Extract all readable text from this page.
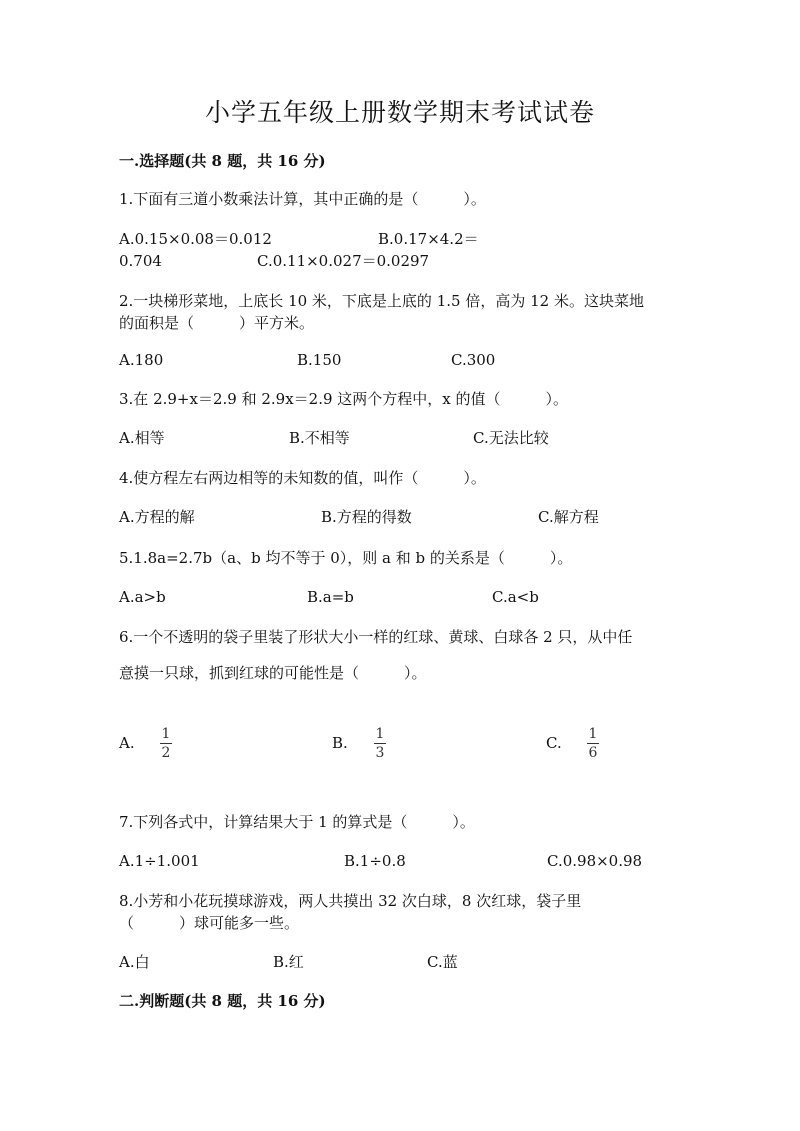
小学五年级上册数学期末考试试卷
一.选择题(共 8 题，共 16 分)
1.下面有三道小数乘法计算，其中正确的是（　　　）。
A.0.15×0.08＝0.012	B.0.17×4.2＝
0.704	C.0.11×0.027＝0.0297
2.一块梯形菜地，上底长 10 米，下底是上底的 1.5 倍，高为 12 米。这块菜地
的面积是（　　　）平方米。
A.180	B.150	C.300
3.在 2.9+x＝2.9 和 2.9x＝2.9 这两个方程中，x 的值（　　　）。
A.相等	B.不相等	C.无法比较
4.使方程左右两边相等的未知数的值，叫作（　　　）。
A.方程的解	B.方程的得数	C.解方程
5.1.8a=2.7b（a、b 均不等于 0），则 a 和 b 的关系是（　　　）。
A.a>b	B.a=b	C.a<b
6.一个不透明的袋子里装了形状大小一样的红球、黄球、白球各 2 只，从中任
意摸一只球，抓到红球的可能性是（　　　）。
A. 1
2
B. 1
3
C. 1
6
7.下列各式中，计算结果大于 1 的算式是（　　　）。
A.1÷1.001	B.1÷0.8	C.0.98×0.98
8.小芳和小花玩摸球游戏，两人共摸出 32 次白球，8 次红球，袋子里
（　　　）球可能多一些。
A.白	B.红	C.蓝
二.判断题(共 8 题，共 16 分)
